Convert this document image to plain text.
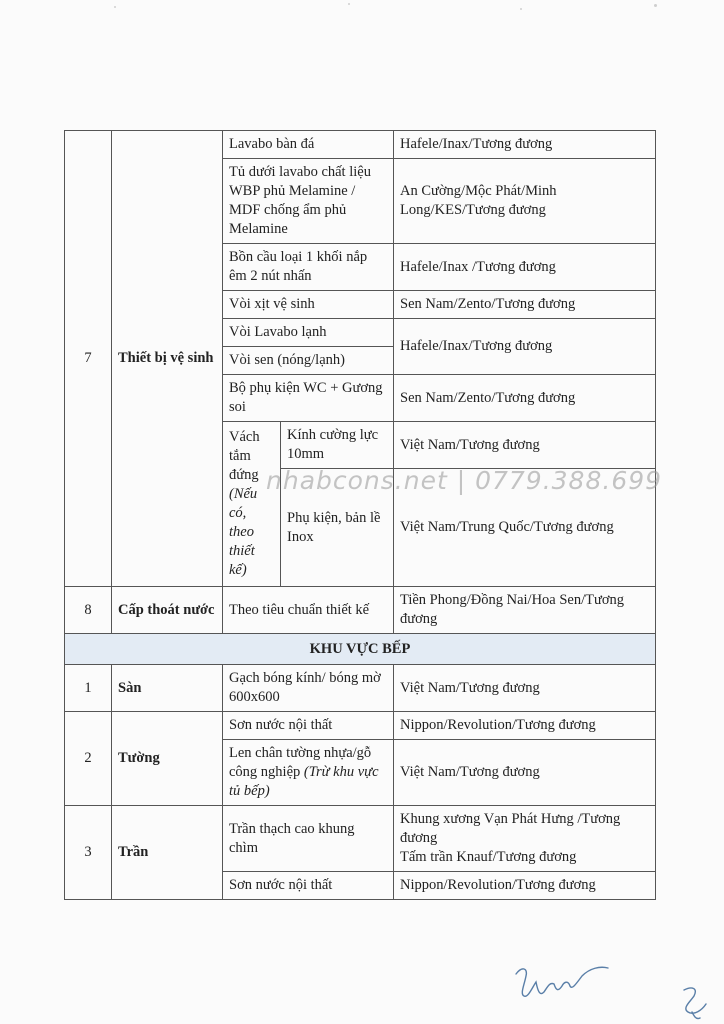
7	Thiết bị vệ sinh	Lavabo bàn đá		Hafele/Inax/Tương đương
		Tủ dưới lavabo chất liệu WBP phủ Melamine / MDF chống ẩm phủ Melamine		An Cường/Mộc Phát/Minh Long/KES/Tương đương
		Bồn cầu loại 1 khối nắp êm 2 nút nhấn		Hafele/Inax /Tương đương
		Vòi xịt vệ sinh		Sen Nam/Zento/Tương đương
		Vòi Lavabo lạnh		Hafele/Inax/Tương đương
		Vòi sen (nóng/lạnh)		
		Bộ phụ kiện WC + Gương soi		Sen Nam/Zento/Tương đương
		Vách tắm đứng (Nếu có, theo thiết kế)	Kính cường lực 10mm	Việt Nam/Tương đương
			Phụ kiện, bản lề Inox	Việt Nam/Trung Quốc/Tương đương
8	Cấp thoát nước	Theo tiêu chuẩn thiết kế		Tiền Phong/Đồng Nai/Hoa Sen/Tương đương
KHU VỰC BẾP				
1	Sàn	Gạch bóng kính/ bóng mờ 600x600		Việt Nam/Tương đương
2	Tường	Sơn nước nội thất		Nippon/Revolution/Tương đương
		Len chân tường nhựa/gỗ công nghiệp (Trừ khu vực tủ bếp)		Việt Nam/Tương đương
3	Trần	Trần thạch cao khung chìm		Khung xương Vạn Phát Hưng /Tương đương
Tấm trần Knauf/Tương đương

		Sơn nước nội thất		Nippon/Revolution/Tương đương
nhabcons.net | 0779.388.699
